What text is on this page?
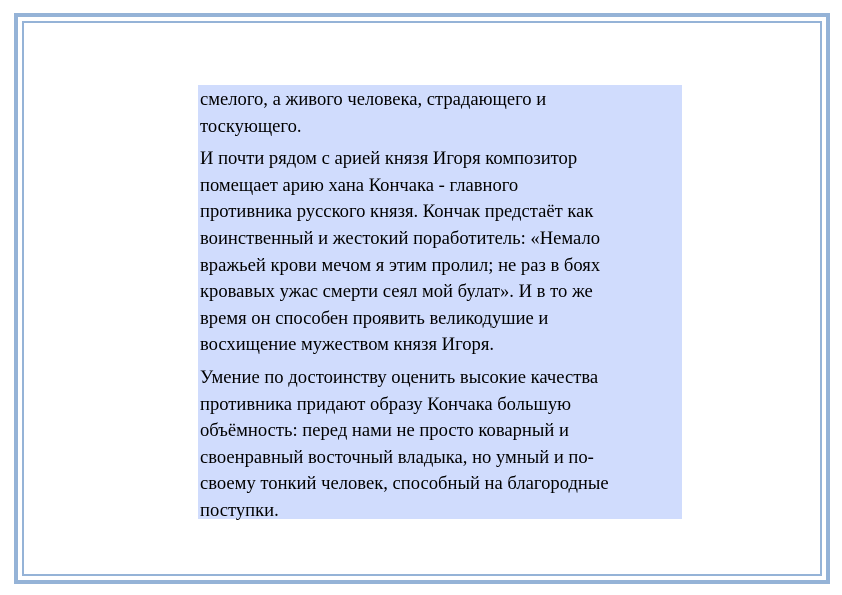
смелого, а живого человека, страдающего и
тоскующего.

И почти рядом с арией князя Игоря композитор
помещает арию хана Кончака - главного
противника русского князя. Кончак предстаёт как
воинственный и жестокий поработитель: «Немало
вражьей крови мечом я этим пролил; не раз в боях
кровавых ужас смерти сеял мой булат». И в то же
время он способен проявить великодушие и
восхищение мужеством князя Игоря.

Умение по достоинству оценить высокие качества
противника придают образу Кончака большую
объёмность: перед нами не просто коварный и
своенравный восточный владыка, но умный и по-
своему тонкий человек, способный на благородные
поступки.
